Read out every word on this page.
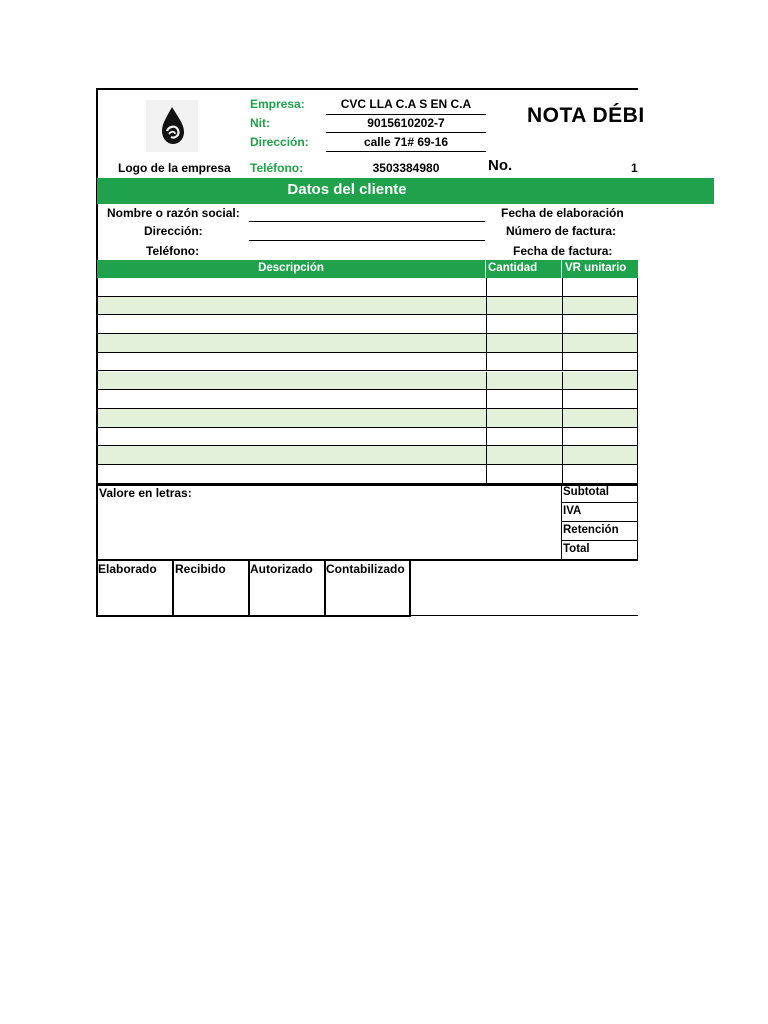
Logo de la empresa
Empresa:	CVC LLA C.A S EN C.A
Nit:	9015610202-7
Dirección:	calle 71# 69-16
Teléfono:	3503384980
NOTA DÉBI
No.	1
Datos del cliente
Nombre o razón social:
Dirección:
Teléfono:
Fecha de elaboración
Número de factura:
Fecha de factura:
Descripción	Cantidad VR unitario
Valore en letras:	Subtotal
IVA
Retención
Total
Elaborado Recibido Autorizado Contabilizado
